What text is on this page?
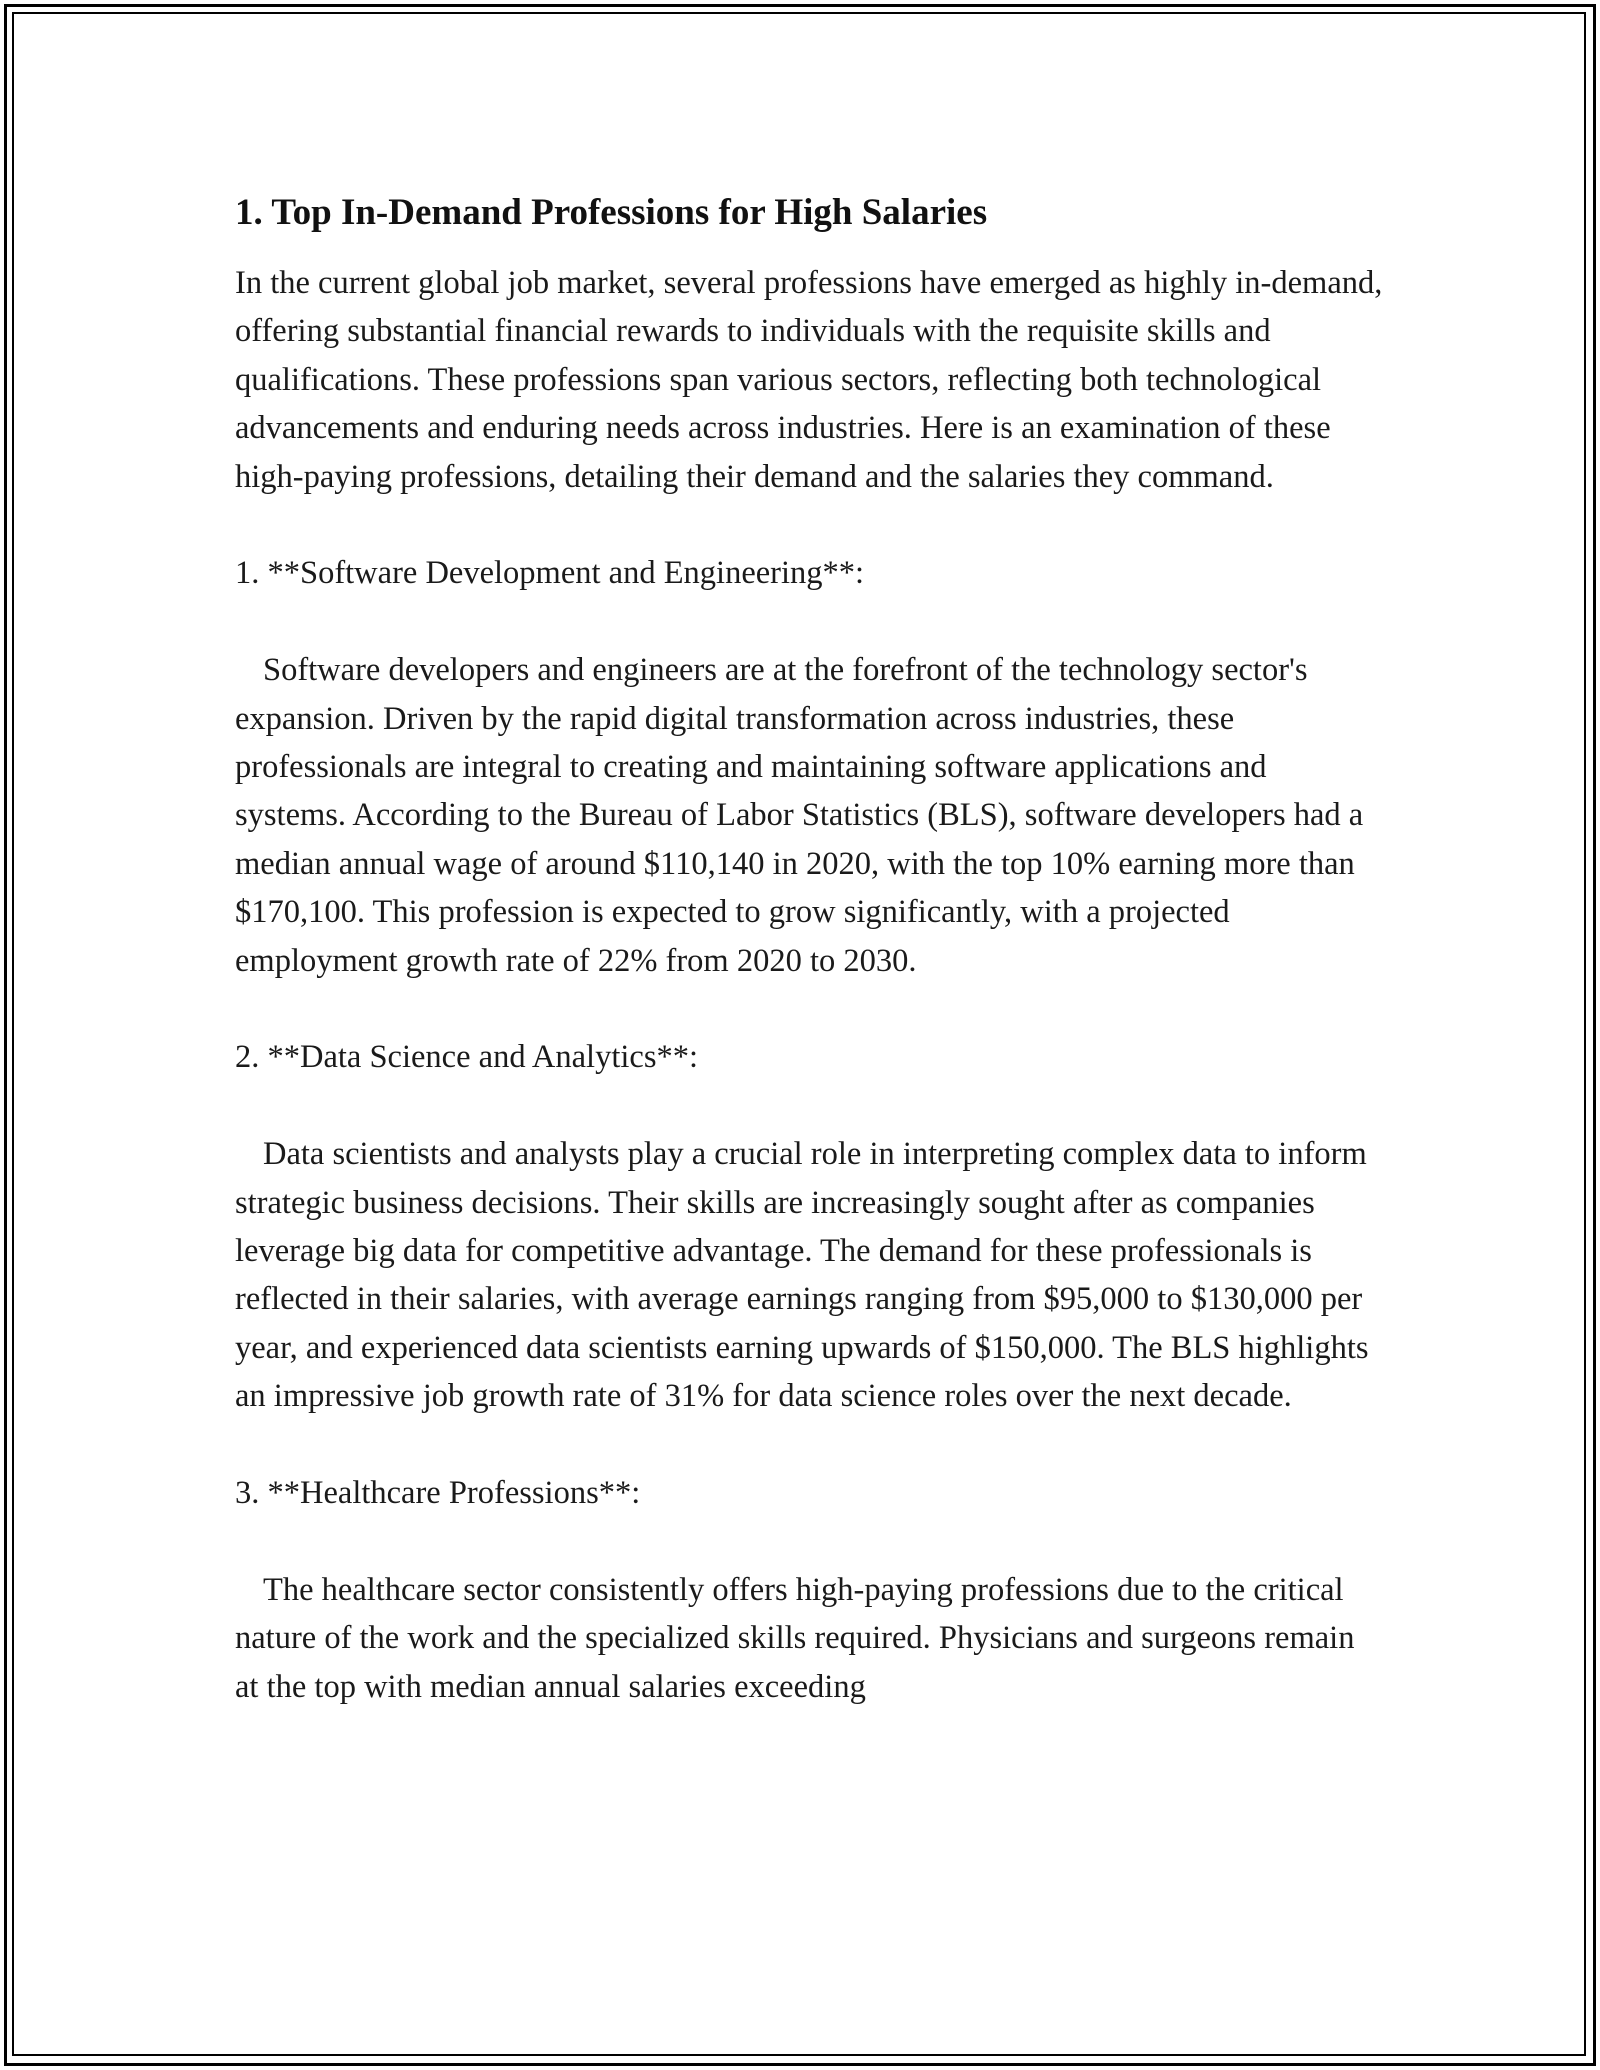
1. Top In-Demand Professions for High Salaries

In the current global job market, several professions have emerged as highly in-demand, offering substantial financial rewards to individuals with the requisite skills and qualifications. These professions span various sectors, reflecting both technological advancements and enduring needs across industries. Here is an examination of these high-paying professions, detailing their demand and the salaries they command.

1. **Software Development and Engineering**:

Software developers and engineers are at the forefront of the technology sector's expansion. Driven by the rapid digital transformation across industries, these professionals are integral to creating and maintaining software applications and systems. According to the Bureau of Labor Statistics (BLS), software developers had a median annual wage of around $110,140 in 2020, with the top 10% earning more than $170,100. This profession is expected to grow significantly, with a projected employment growth rate of 22% from 2020 to 2030.

2. **Data Science and Analytics**:

Data scientists and analysts play a crucial role in interpreting complex data to inform strategic business decisions. Their skills are increasingly sought after as companies leverage big data for competitive advantage. The demand for these professionals is reflected in their salaries, with average earnings ranging from $95,000 to $130,000 per year, and experienced data scientists earning upwards of $150,000. The BLS highlights an impressive job growth rate of 31% for data science roles over the next decade.

3. **Healthcare Professions**:

The healthcare sector consistently offers high-paying professions due to the critical nature of the work and the specialized skills required. Physicians and surgeons remain at the top with median annual salaries exceeding
